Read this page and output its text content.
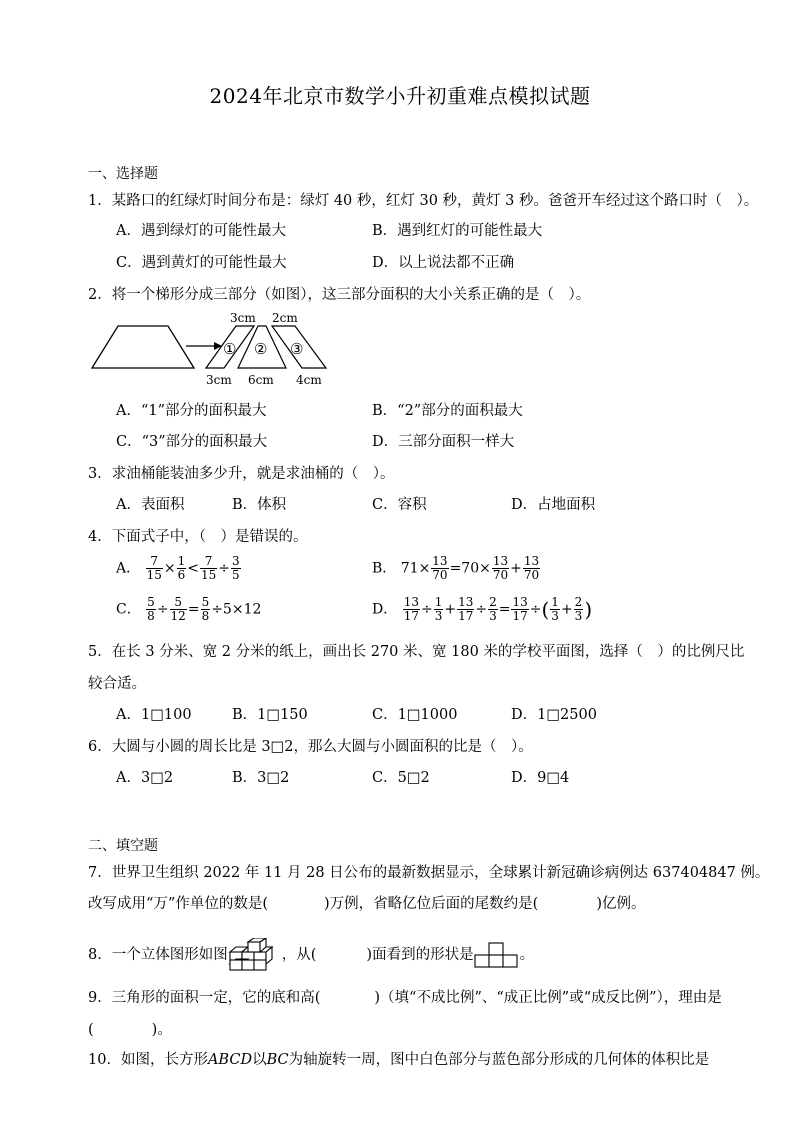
2024年北京市数学小升初重难点模拟试题
一、选择题
1．某路口的红绿灯时间分布是：绿灯 40 秒，红灯 30 秒，黄灯 3 秒。爸爸开车经过这个路口时（　）。
A．遇到绿灯的可能性最大	B．遇到红灯的可能性最大
C．遇到黄灯的可能性最大	D．以上说法都不正确
2．将一个梯形分成三部分（如图），这三部分面积的大小关系正确的是（　）。
3cm 2cm
① ② ③
3cm 6cm 4cm
A．“1”部分的面积最大	B．“2”部分的面积最大
C．“3”部分的面积最大	D．三部分面积一样大
3．求油桶能装油多少升，就是求油桶的（　）。
A．表面积	B．体积	C．容积	D．占地面积
4．下面式子中，（　）是错误的。
A． $\frac{7}{15} \times \frac{1}{6} < \frac{7}{15} \div \frac{3}{5}$	B． $71\times \frac{13}{70} =70\times \frac{13}{70} + \frac{13}{70}$
C． $\frac{5}{8} \div \frac{5}{12} = \frac{5}{8} \div 5\times 12$	D． $\frac{13}{17} \div \frac{1}{3} + \frac{13}{17} \div \frac{2}{3} = \frac{13}{17}$ ÷( $\frac{1}{3} + \frac{2}{3}$ )
5．在长 3 分米、宽 2 分米的纸上，画出长 270 米、宽 180 米的学校平面图，选择（　）的比例尺比
较合适。
A．1□100	B．1□150	C．1□1000	D．1□2500
6．大圆与小圆的周长比是 3□2，那么大圆与小圆面积的比是（　）。
A．3□2	B．3□2	C．5□2	D．9□4
二、填空题
7．世界卫生组织 2022 年 11 月 28 日公布的最新数据显示，全球累计新冠确诊病例达 637404847 例。
改写成用“万”作单位的数是(	)万例，省略亿位后面的尾数约是(	)亿例。
8．一个立体图形如图	，从(	)面看到的形状是	。
9．三角形的面积一定，它的底和高(	)（填“不成比例”、“成正比例”或“成反比例”），理由是
(	)。
10．如图，长方形ABCD以BC为轴旋转一周，图中白色部分与蓝色部分形成的几何体的体积比是
